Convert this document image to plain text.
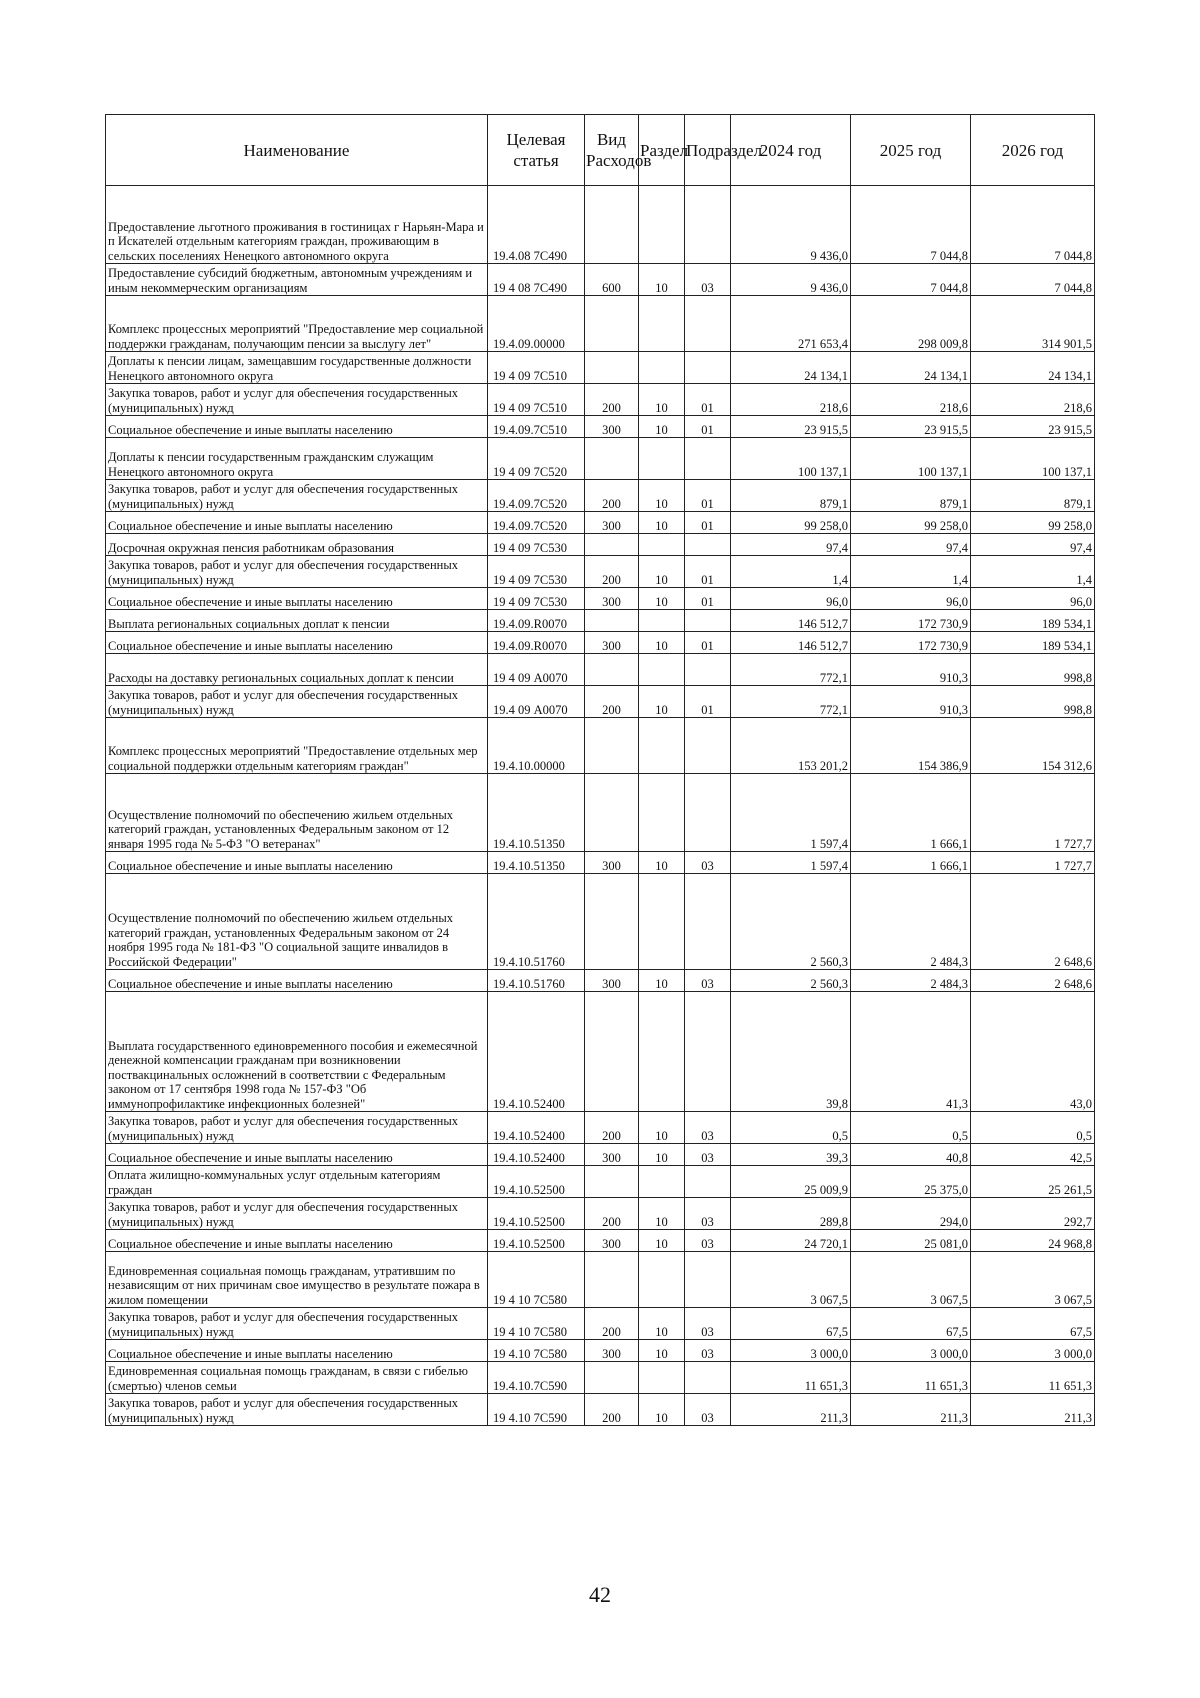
Наименование	Целевая статья	Вид Расходов	Раздел	Подраздел	2024 год	2025 год	2026 год
Предоставление льготного проживания в гостиницах г Нарьян-Мара и п Искателей отдельным категориям граждан, проживающим в сельских поселениях Ненецкого автономного округа	19.4.08 7С490				9 436,0	7 044,8	7 044,8
Предоставление субсидий бюджетным, автономным учреждениям и иным некоммерческим организациям	19 4 08 7С490	600	10	03	9 436,0	7 044,8	7 044,8
Комплекс процессных мероприятий "Предоставление мер социальной поддержки гражданам, получающим пенсии за выслугу лет"	19.4.09.00000				271 653,4	298 009,8	314 901,5
Доплаты к пенсии лицам, замещавшим государственные должности Ненецкого автономного округа	19 4 09 7С510				24 134,1	24 134,1	24 134,1
Закупка товаров, работ и услуг для обеспечения государственных (муниципальных) нужд	19 4 09 7С510	200	10	01	218,6	218,6	218,6
Социальное обеспечение и иные выплаты населению	19.4.09.7С510	300	10	01	23 915,5	23 915,5	23 915,5
Доплаты к пенсии государственным гражданским служащим Ненецкого автономного округа	19 4 09 7С520				100 137,1	100 137,1	100 137,1
Закупка товаров, работ и услуг для обеспечения государственных (муниципальных) нужд	19.4.09.7С520	200	10	01	879,1	879,1	879,1
Социальное обеспечение и иные выплаты населению	19.4.09.7С520	300	10	01	99 258,0	99 258,0	99 258,0
Досрочная окружная пенсия работникам образования	19 4 09 7С530				97,4	97,4	97,4
Закупка товаров, работ и услуг для обеспечения государственных (муниципальных) нужд	19 4 09 7С530	200	10	01	1,4	1,4	1,4
Социальное обеспечение и иные выплаты населению	19 4 09 7С530	300	10	01	96,0	96,0	96,0
Выплата региональных социальных доплат к пенсии	19.4.09.R0070				146 512,7	172 730,9	189 534,1
Социальное обеспечение и иные выплаты населению	19.4.09.R0070	300	10	01	146 512,7	172 730,9	189 534,1
Расходы на доставку региональных социальных доплат к пенсии	19 4 09 А0070				772,1	910,3	998,8
Закупка товаров, работ и услуг для обеспечения государственных (муниципальных) нужд	19.4 09 А0070	200	10	01	772,1	910,3	998,8
Комплекс процессных мероприятий "Предоставление отдельных мер социальной поддержки отдельным категориям граждан"	19.4.10.00000				153 201,2	154 386,9	154 312,6
Осуществление полномочий по обеспечению жильем отдельных категорий граждан, установленных Федеральным законом от 12 января 1995 года № 5-ФЗ "О ветеранах"	19.4.10.51350				1 597,4	1 666,1	1 727,7
Социальное обеспечение и иные выплаты населению	19.4.10.51350	300	10	03	1 597,4	1 666,1	1 727,7
Осуществление полномочий по обеспечению жильем отдельных категорий граждан, установленных Федеральным законом от 24 ноября 1995 года № 181-ФЗ "О социальной защите инвалидов в Российской Федерации"	19.4.10.51760				2 560,3	2 484,3	2 648,6
Социальное обеспечение и иные выплаты населению	19.4.10.51760	300	10	03	2 560,3	2 484,3	2 648,6
Выплата государственного единовременного пособия и ежемесячной денежной компенсации гражданам при возникновении поствакцинальных осложнений в соответствии с Федеральным законом от 17 сентября 1998 года № 157-ФЗ "Об иммунопрофилактике инфекционных болезней"	19.4.10.52400				39,8	41,3	43,0
Закупка товаров, работ и услуг для обеспечения государственных (муниципальных) нужд	19.4.10.52400	200	10	03	0,5	0,5	0,5
Социальное обеспечение и иные выплаты населению	19.4.10.52400	300	10	03	39,3	40,8	42,5
Оплата жилищно-коммунальных услуг отдельным категориям граждан	19.4.10.52500				25 009,9	25 375,0	25 261,5
Закупка товаров, работ и услуг для обеспечения государственных (муниципальных) нужд	19.4.10.52500	200	10	03	289,8	294,0	292,7
Социальное обеспечение и иные выплаты населению	19.4.10.52500	300	10	03	24 720,1	25 081,0	24 968,8
Единовременная социальная помощь гражданам, утратившим по независящим от них причинам свое имущество в результате пожара в жилом помещении	19 4 10 7С580				3 067,5	3 067,5	3 067,5
Закупка товаров, работ и услуг для обеспечения государственных (муниципальных) нужд	19 4 10 7С580	200	10	03	67,5	67,5	67,5
Социальное обеспечение и иные выплаты населению	19 4.10 7С580	300	10	03	3 000,0	3 000,0	3 000,0
Единовременная социальная помощь гражданам, в связи с гибелью (смертью) членов семьи	19.4.10.7С590				11 651,3	11 651,3	11 651,3
Закупка товаров, работ и услуг для обеспечения государственных (муниципальных) нужд	19 4.10 7С590	200	10	03	211,3	211,3	211,3
42
